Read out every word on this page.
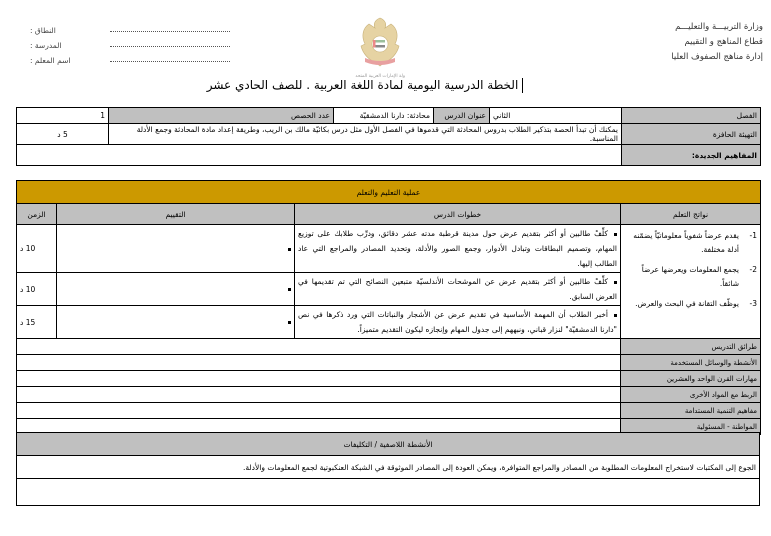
وزارة التربيـــة والتعليـــم
قطاع المناهج و التقييم
إدارة مناهج الصفوف العليا
النطاق :
المدرسة :
اسم المعلم :
دولة الإمارات العربية المتحدة
الخطة الدرسية اليومية لمادة اللغة العربية . للصف الحادي عشر
الفصل	الثاني	عنوان الدرس	محادثة: دارنا الدمشقيّة	عدد الحصص	1
التهيئة الحافزة	يمكنك أن تبدأ الحصة بتذكير الطلاب بدروس المحادثة التي قدموها في الفصل الأول مثل درس بكائيّة مالك بن الريب، وطريقة إعداد مادة المحادثة وجمع الأدلة المناسبة.				5 د
المفاهيم الجديدة:					
عملية التعليم والتعلم			
نواتج التعلم	خطوات الدرس	التقييم	الزمن

1-
يقدم عرضاً شفوياً معلوماتيّاً يضمّنه أدلة مختلفة.
2-
يجمع المعلومات ويعرضها عرضاً شائقاً.
3-
يوظّف التقانة في البحث والعرض.
	كلِّفْ طالبين أو أكثر بتقديم عرض حول مدينة قرطبة مدته عشر دقائق، ودرِّب طلابك على توزيع المهام، وتصميم البطاقات وتبادل الأدوار، وجمع الصور والأدلة، وتحديد المصادر والمراجع التي عاد الطالب إليها.		10 د
	كلِّفْ طالبين أو أكثر بتقديم عرض عن الموشحات الأندلسيّة متبعين النصائح التي تم تقديمها في العرض السابق.		10 د
	أخبر الطلاب أن المهمة الأساسية في تقديم عرض عن الأشجار والنباتات التي ورد ذكرها في نص "دارنا الدمشقيّة" لنزار قباني، ونبههم إلى جدول المهام وإنجازه ليكون التقديم متميزاً.		15 د
طرائق التدريس			
الأنشطة والوسائل المستخدمة			
مهارات القرن الواحد والعشرين			
الربط مع المواد الأخرى			
مفاهيم التنمية المستدامة			
المواطنة - المسئولية			
الأنشطة اللاصفية / التكليفات
الجوع إلى المكتبات لاستخراج المعلومات المطلوبة من المصادر والمراجع المتوافرة، ويمكن العودة إلى المصادر الموثوقة في الشبكة العنكبوتية لجمع المعلومات والأدلة.
